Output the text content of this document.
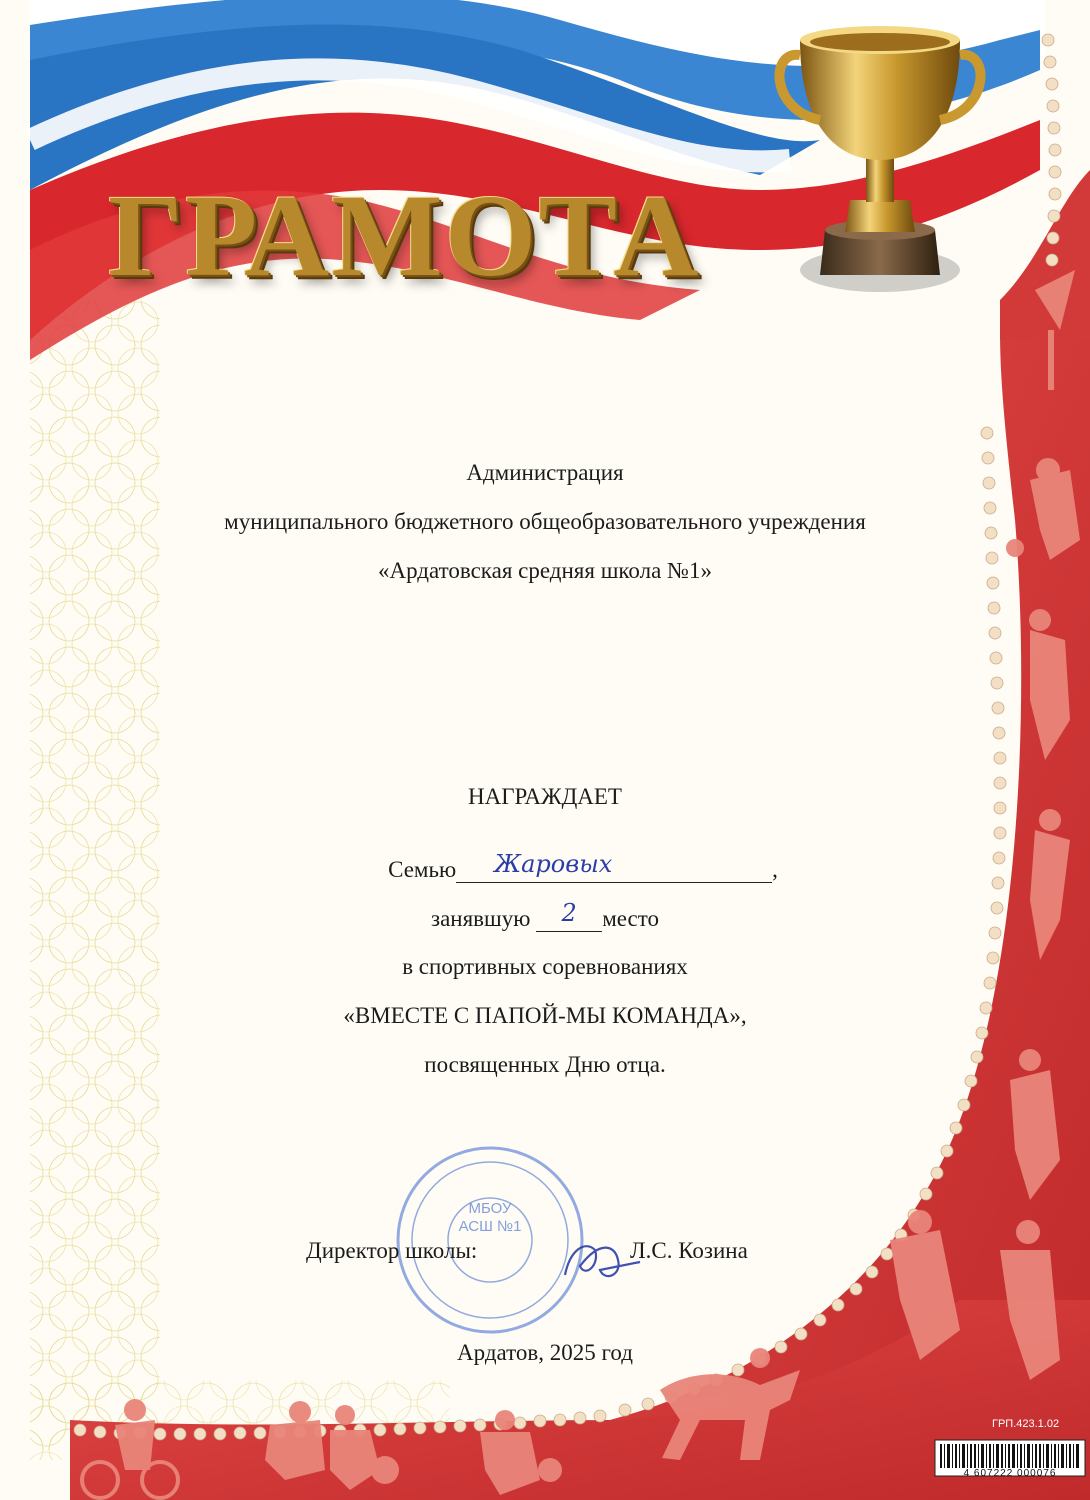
ГРАМОТА
Администрация
муниципального бюджетного общеобразовательного учреждения
«Ардатовская средняя школа №1»
НАГРАЖДАЕТ
Семью Жаровых	,
занявшую	2	место
в спортивных соревнованиях
«ВМЕСТЕ С ПАПОЙ-МЫ КОМАНДА»,
посвященных Дню отца.
МБОУ
АСШ №1
Директор школы:	Л.С. Козина
Ардатов, 2025 год
ГРП.423.1.02
4 607222 000076
